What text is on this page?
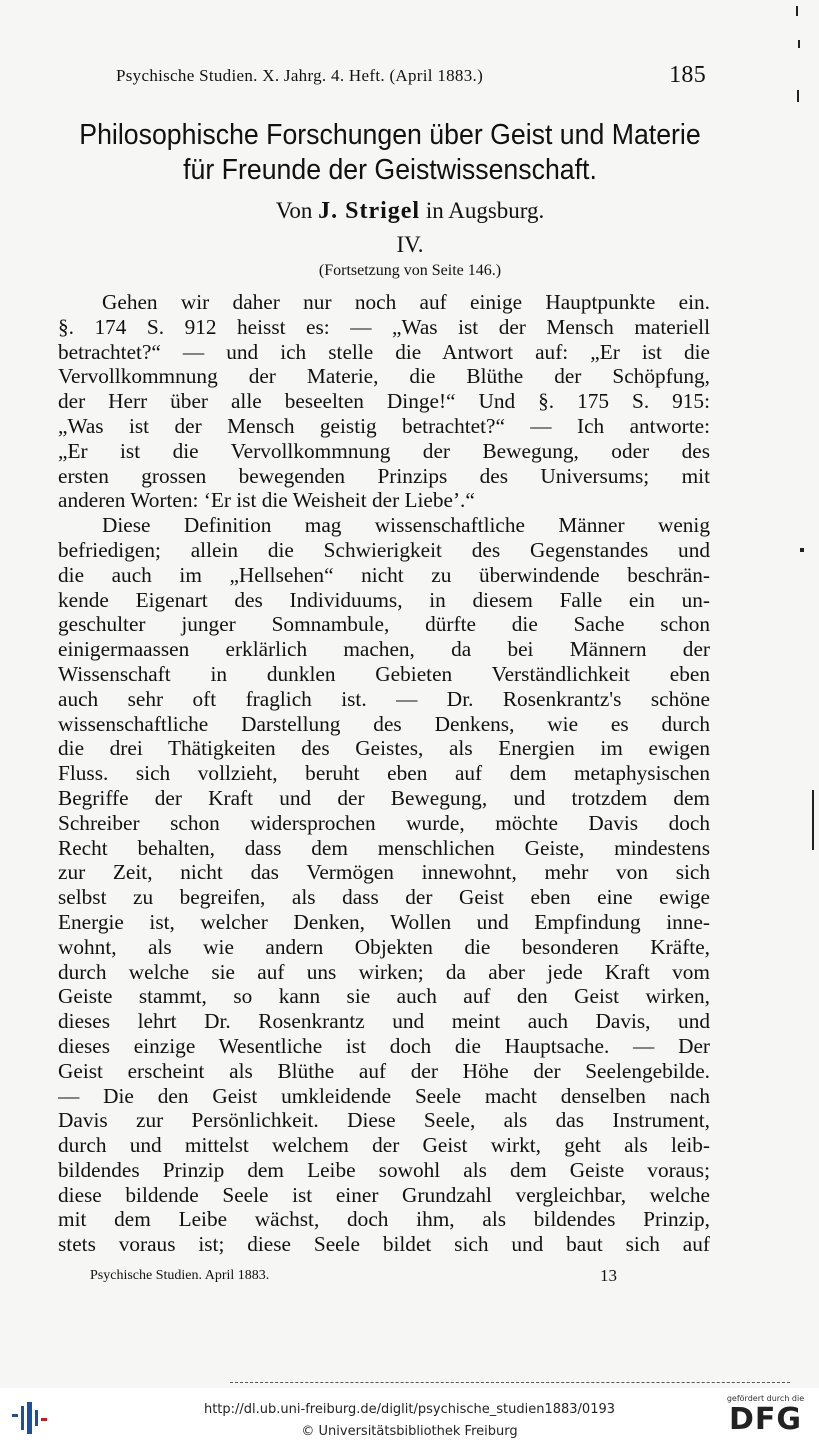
Psychische Studien. X. Jahrg. 4. Heft. (April 1883.)	185
Philosophische Forschungen über Geist und Materie
für Freunde der Geistwissenschaft.
Von J. Strigel in Augsburg.
IV.
(Fortsetzung von Seite 146.)
Gehen wir daher nur noch auf einige Hauptpunkte ein.
§. 174 S. 912 heisst es: — „Was ist der Mensch materiell
betrachtet?“ — und ich stelle die Antwort auf: „Er ist die
Vervollkommnung der Materie, die Blüthe der Schöpfung,
der Herr über alle beseelten Dinge!“ Und §. 175 S. 915:
„Was ist der Mensch geistig betrachtet?“ — Ich antworte:
„Er ist die Vervollkommnung der Bewegung, oder des
ersten grossen bewegenden Prinzips des Universums; mit
anderen Worten: ‘Er ist die Weisheit der Liebe’.“
Diese Definition mag wissenschaftliche Männer wenig
befriedigen; allein die Schwierigkeit des Gegenstandes und
die auch im „Hellsehen“ nicht zu überwindende beschrän-
kende Eigenart des Individuums, in diesem Falle ein un-
geschulter junger Somnambule, dürfte die Sache schon
einigermaassen erklärlich machen, da bei Männern der
Wissenschaft in dunklen Gebieten Verständlichkeit eben
auch sehr oft fraglich ist. — Dr. Rosenkrantz's schöne
wissenschaftliche Darstellung des Denkens, wie es durch
die drei Thätigkeiten des Geistes, als Energien im ewigen
Fluss. sich vollzieht, beruht eben auf dem metaphysischen
Begriffe der Kraft und der Bewegung, und trotzdem dem
Schreiber schon widersprochen wurde, möchte Davis doch
Recht behalten, dass dem menschlichen Geiste, mindestens
zur Zeit, nicht das Vermögen innewohnt, mehr von sich
selbst zu begreifen, als dass der Geist eben eine ewige
Energie ist, welcher Denken, Wollen und Empfindung inne-
wohnt, als wie andern Objekten die besonderen Kräfte,
durch welche sie auf uns wirken; da aber jede Kraft vom
Geiste stammt, so kann sie auch auf den Geist wirken,
dieses lehrt Dr. Rosenkrantz und meint auch Davis, und
dieses einzige Wesentliche ist doch die Hauptsache. — Der
Geist erscheint als Blüthe auf der Höhe der Seelengebilde.
— Die den Geist umkleidende Seele macht denselben nach
Davis zur Persönlichkeit. Diese Seele, als das Instrument,
durch und mittelst welchem der Geist wirkt, geht als leib-
bildendes Prinzip dem Leibe sowohl als dem Geiste voraus;
diese bildende Seele ist einer Grundzahl vergleichbar, welche
mit dem Leibe wächst, doch ihm, als bildendes Prinzip,
stets voraus ist; diese Seele bildet sich und baut sich auf
Psychische Studien. April 1883.	13
http://dl.ub.uni-freiburg.de/diglit/psychische_studien1883/0193
© Universitätsbibliothek Freiburg
gefördert durch die
DFG
